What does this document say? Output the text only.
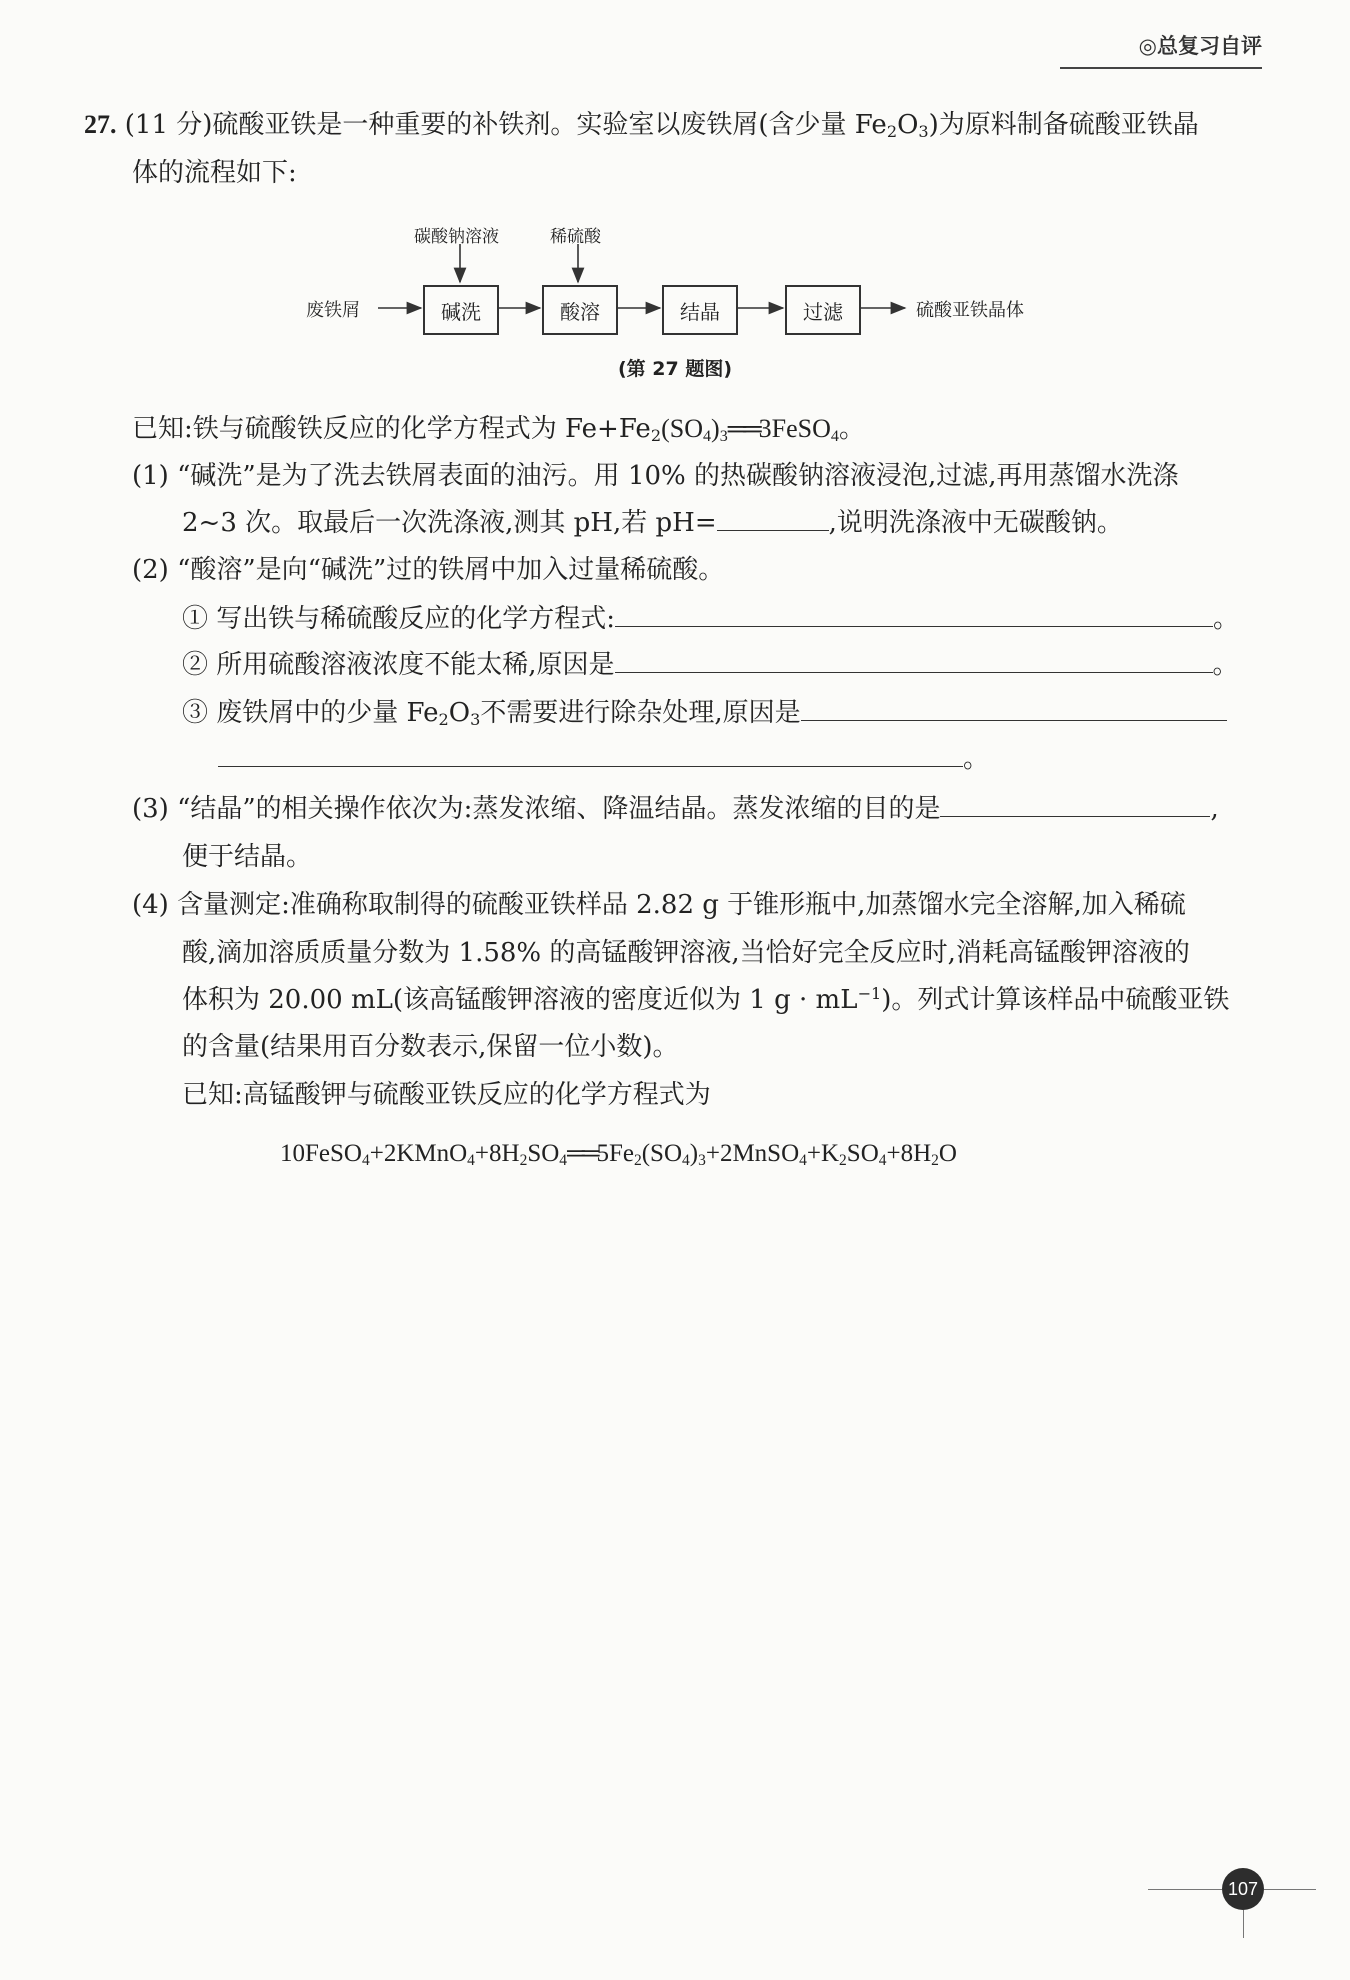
◎总复习自评
27. (11 分)硫酸亚铁是一种重要的补铁剂。实验室以废铁屑(含少量 $Fe_2O_3$)为原料制备硫酸亚铁晶
体的流程如下:
废铁屑
碳酸钠溶液	稀硫酸
碱洗	酸溶	结晶	过滤	硫酸亚铁晶体
(第 27 题图)
已知:铁与硫酸铁反应的化学方程式为 $Fe+Fe_2(SO_4)_3══3FeSO_4$。
(1) “碱洗”是为了洗去铁屑表面的油污。用 10% 的热碳酸钠溶液浸泡,过滤,再用蒸馏水洗涤
2~3 次。取最后一次洗涤液,测其 pH,若 pH=	,说明洗涤液中无碳酸钠。
(2) “酸溶”是向“碱洗”过的铁屑中加入过量稀硫酸。
① 写出铁与稀硫酸反应的化学方程式:	。
② 所用硫酸溶液浓度不能太稀,原因是	。
③ 废铁屑中的少量 $Fe_2O_3$不需要进行除杂处理,原因是
。
(3) “结晶”的相关操作依次为:蒸发浓缩、降温结晶。蒸发浓缩的目的是	,
便于结晶。
(4) 含量测定:准确称取制得的硫酸亚铁样品 2.82 g 于锥形瓶中,加蒸馏水完全溶解,加入稀硫
酸,滴加溶质质量分数为 1.58% 的高锰酸钾溶液,当恰好完全反应时,消耗高锰酸钾溶液的
体积为 20.00 mL(该高锰酸钾溶液的密度近似为 1 $g \cdot mL^{-1}$)。列式计算该样品中硫酸亚铁
的含量(结果用百分数表示,保留一位小数)。
已知:高锰酸钾与硫酸亚铁反应的化学方程式为
$10FeSO_4+2KMnO_4+8H_2SO_4══5Fe_2(SO_4)_3+2MnSO_4+K_2SO_4+8H_2O$
107
